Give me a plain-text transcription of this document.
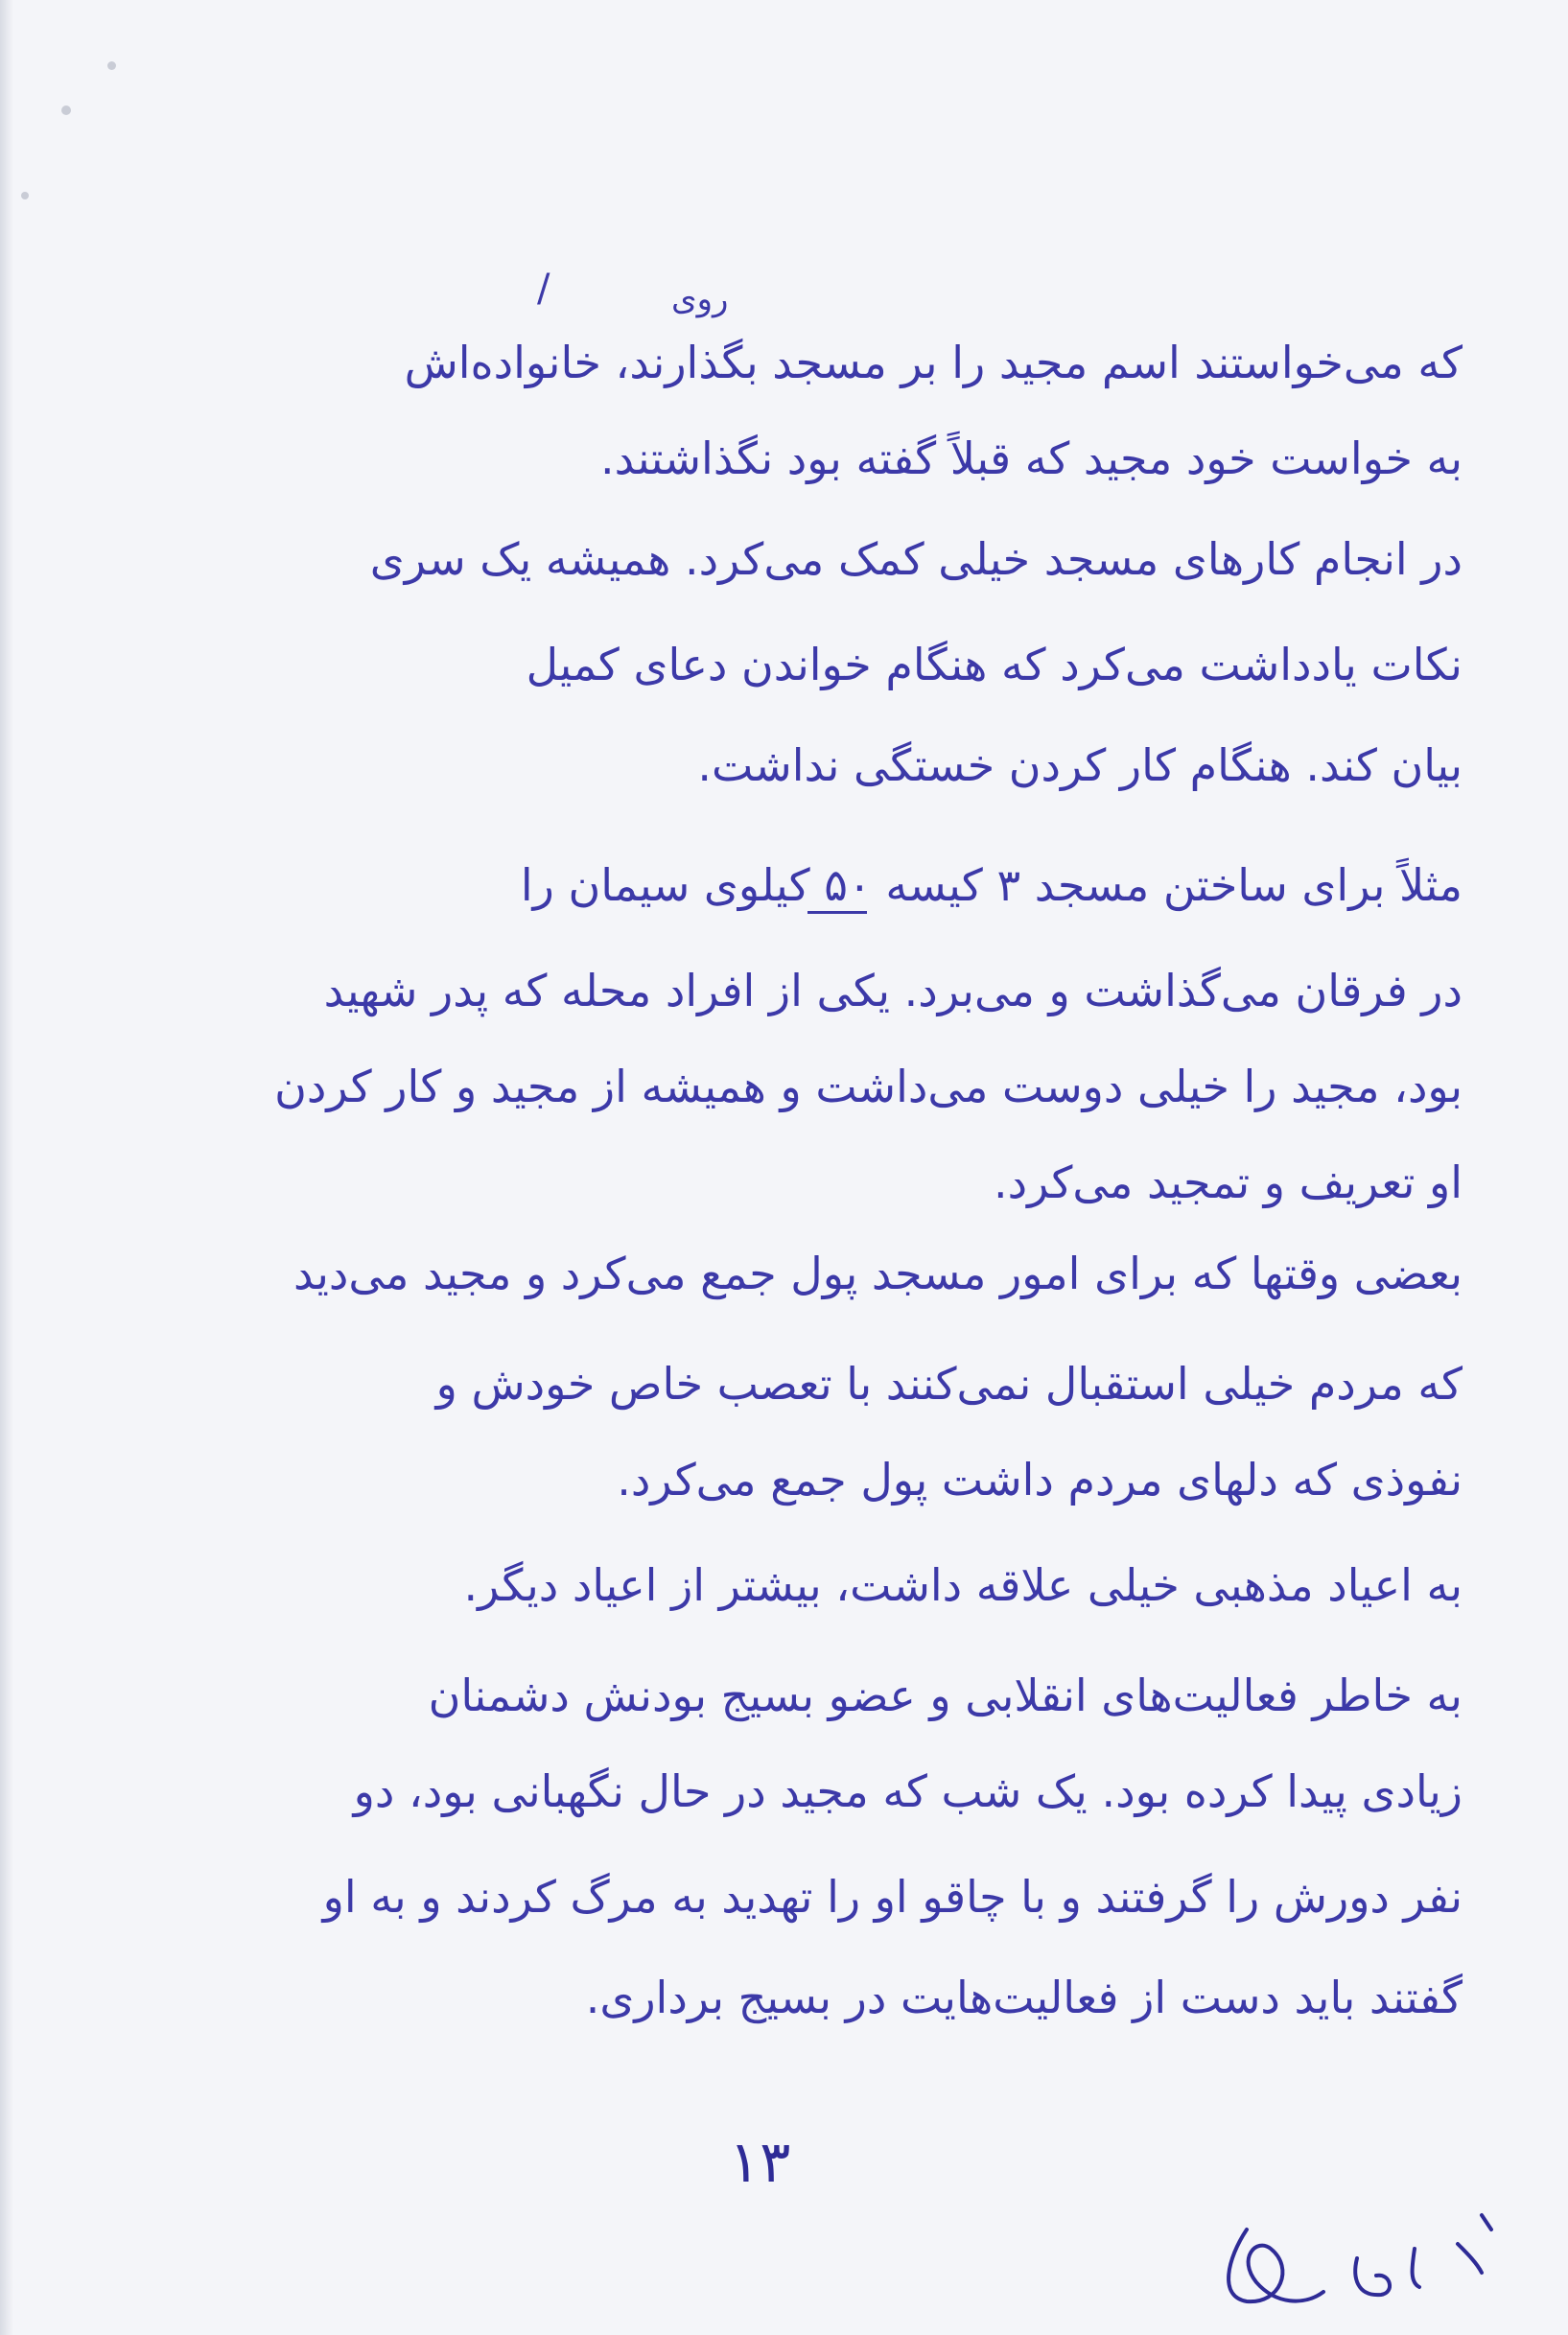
روی
/
که می‌خواستند اسم مجید را بر مسجد بگذارند، خانواده‌اش
به خواست خود مجید که قبلاً گفته بود نگذاشتند.
در انجام کارهای مسجد خیلی کمک می‌کرد. همیشه یک سری
نکات یادداشت می‌کرد که هنگام خواندن دعای کمیل
بیان کند. هنگام کار کردن خستگی نداشت.
مثلاً برای ساختن مسجد ۳ کیسه ۵۰ کیلوی سیمان را
در فرقان می‌گذاشت و می‌برد. یکی از افراد محله که پدر شهید
بود، مجید را خیلی دوست می‌داشت و همیشه از مجید و کار کردن
او تعریف و تمجید می‌کرد.
بعضی وقتها که برای امور مسجد پول جمع می‌کرد و مجید می‌دید
که مردم خیلی استقبال نمی‌کنند با تعصب خاص خودش و
نفوذی که دلهای مردم داشت پول جمع می‌کرد.
به اعیاد مذهبی خیلی علاقه داشت، بیشتر از اعیاد دیگر.
به خاطر فعالیت‌های انقلابی و عضو بسیج بودنش دشمنان
زیادی پیدا کرده بود. یک شب که مجید در حال نگهبانی بود، دو
نفر دورش را گرفتند و با چاقو او را تهدید به مرگ کردند و به او
گفتند باید دست از فعالیت‌هایت در بسیج برداری.
۱۳
